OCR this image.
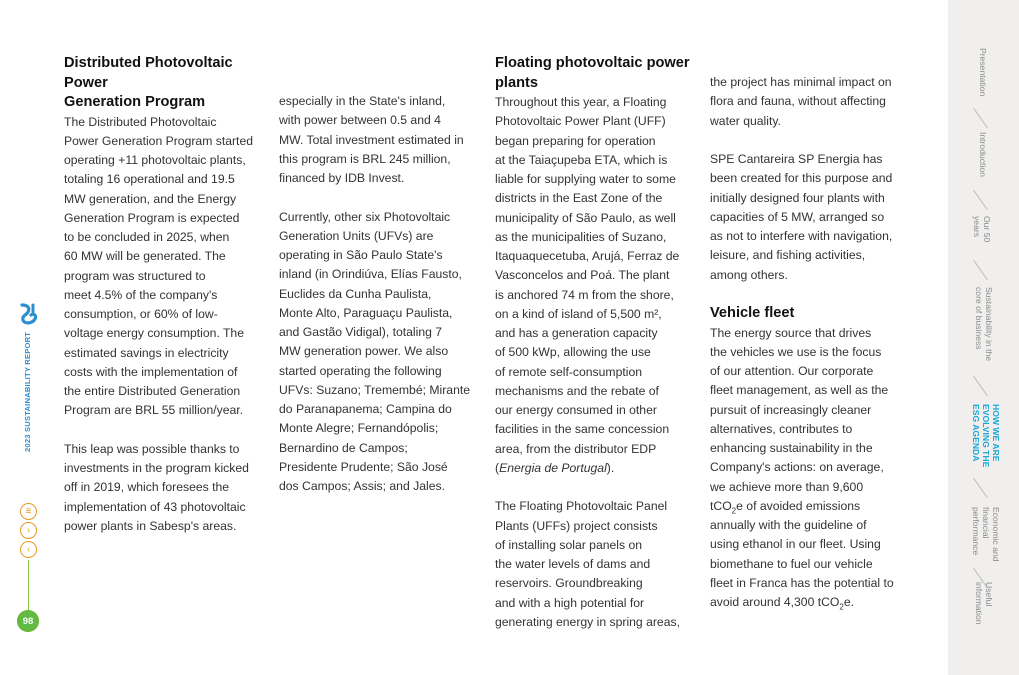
2023 SUSTAINABILITY REPORT
≡
›
‹
98

Distributed Photovoltaic Power

Generation Program

The Distributed Photovoltaic

Power Generation Program started

operating +11 photovoltaic plants,

totaling 16 operational and 19.5

MW generation, and the Energy

Generation Program is expected

to be concluded in 2025, when

60 MW will be generated. The

program was structured to

meet 4.5% of the company's

consumption, or 60% of low-

voltage energy consumption. The

estimated savings in electricity

costs with the implementation of

the entire Distributed Generation

Program are BRL 55 million/year.

This leap was possible thanks to

investments in the program kicked

off in 2019, which foresees the

implementation of 43 photovoltaic

power plants in Sabesp's areas.

especially in the State's inland,

with power between 0.5 and 4

MW. Total investment estimated in

this program is BRL 245 million,

financed by IDB Invest.

Currently, other six Photovoltaic

Generation Units (UFVs) are

operating in São Paulo State's

inland (in Orindiúva, Elías Fausto,

Euclides da Cunha Paulista,

Monte Alto, Paraguaçu Paulista,

and Gastão Vidigal), totaling 7

MW generation power. We also

started operating the following

UFVs: Suzano; Tremembé; Mirante

do Paranapanema; Campina do

Monte Alegre; Fernandópolis;

Bernardino de Campos;

Presidente Prudente; São José

dos Campos; Assis; and Jales.

Floating photovoltaic power plants

Throughout this year, a Floating

Photovoltaic Power Plant (UFF)

began preparing for operation

at the Taiaçupeba ETA, which is

liable for supplying water to some

districts in the East Zone of the

municipality of São Paulo, as well

as the municipalities of Suzano,

Itaquaquecetuba, Arujá, Ferraz de

Vasconcelos and Poá. The plant

is anchored 74 m from the shore,

on a kind of island of 5,500 m²,

and has a generation capacity

of 500 kWp, allowing the use

of remote self-consumption

mechanisms and the rebate of

our energy consumed in other

facilities in the same concession

area, from the distributor EDP

(Energia de Portugal).

The Floating Photovoltaic Panel

Plants (UFFs) project consists

of installing solar panels on

the water levels of dams and

reservoirs. Groundbreaking

and with a high potential for

generating energy in spring areas,

the project has minimal impact on

flora and fauna, without affecting

water quality.

SPE Cantareira SP Energia has

been created for this purpose and

initially designed four plants with

capacities of 5 MW, arranged so

as not to interfere with navigation,

leisure, and fishing activities,

among others.

Vehicle fleet

The energy source that drives

the vehicles we use is the focus

of our attention. Our corporate

fleet management, as well as the

pursuit of increasingly cleaner

alternatives, contributes to

enhancing sustainability in the

Company's actions: on average,

we achieve more than 9,600

tCO$_2$e of avoided emissions

annually with the guideline of

using ethanol in our fleet. Using

biomethane to fuel our vehicle

fleet in Franca has the potential to

avoid around 4,300 tCO$_2$e.

Presentation
Introduction
Our 50 years
Sustainability in the core of business
HOW WE ARE EVOLVING THE ESG AGENDA
Economic and financial performance
Useful information
